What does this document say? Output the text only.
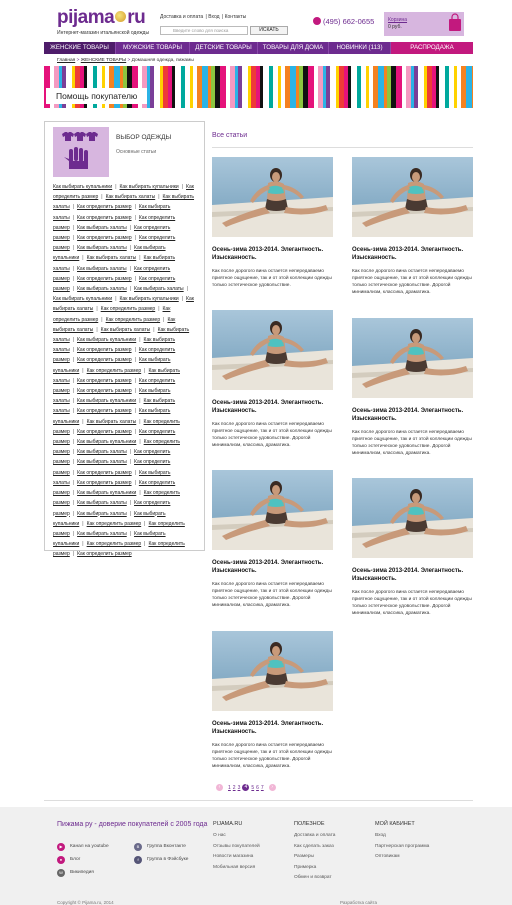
pijama ru
Интернет-магазин итальянской одежды
Доставка и оплата | Вход | Контакты
Введите слово для поиска	ИСКАТЬ
(495) 662-0655	Корзина
0 руб.
ЖЕНСКИЕ ТОВАРЫ	МУЖСКИЕ ТОВАРЫ	ДЕТСКИЕ ТОВАРЫ	ТОВАРЫ ДЛЯ ДОМА	НОВИНКИ (113)	РАСПРОДАЖА
Главная > ЖЕНСКИЕ ТОВАРЫ > Домашняя одежда, пижамы
Помощь покупателю
ВЫБОР ОДЕЖДЫ
Основные статьи
Как выбирать купальники | Как выбирать купальники | Как определить размер | Как выбирать халаты | Как выбирать халаты | Как определить размер | Как выбирать халаты | Как определить размер | Как определить размер | Как выбирать халаты | Как определить размер | Как определить размер | Как определить размер | Как выбирать халаты | Как выбирать купальники | Как выбирать халаты | Как выбирать халаты | Как выбирать халаты | Как определить размер | Как определить размер | Как определить размер | Как выбирать халаты | Как выбирать халаты |Как выбирать купальники | Как выбирать купальники | Как выбирать халаты | Как определить размер | Как определить размер | Как определить размер | Как выбирать халаты | Как выбирать халаты | Как выбирать халаты | Как выбирать купальники | Как выбирать халаты | Как определить размер | Как определить размер | Как определить размер | Как выбирать купальники | Как определить размер | Как выбирать халаты | Как определить размер | Как определить размер | Как определить размер | Как выбирать халаты | Как выбирать купальники | Как выбирать халаты | Как определить размер | Как выбирать купальники | Как выбирать халаты | Как определить размер | Как определить размер | Как определить размер | Как выбирать купальники | Как определить размер | Как выбирать халаты | Как определить размер | Как выбирать халаты | Как определить размер | Как определить размер | Как выбирать халаты | Как определить размер | Как определить размер | Как выбирать купальники | Как определить размер | Как выбирать халаты | Как определить размер | Как выбирать халаты | Как выбирать купальники | Как определить размер | Как определить размер | Как выбирать халаты | Как выбирать купальники | Как определить размер | Как определить размер | Как определить размер
Все статьи
Осень-зима 2013-2014. Элегантность. Изысканность.
Как после дорогого вина остается непередаваемо приятное ощущение, так и от этой коллекции одежды только эстетическое удовольствие.
Осень-зима 2013-2014. Элегантность. Изысканность.
Как после дорогого вина остается непередаваемо приятное ощущение, так и от этой коллекции одежды только эстетическое удовольствие. Дорогой минимализм, классика, драматика.
Осень-зима 2013-2014. Элегантность. Изысканность.
Как после дорогого вина остается непередаваемо приятное ощущение, так и от этой коллекции одежды только эстетическое удовольствие. Дорогой минимализм, классика, драматика.
Осень-зима 2013-2014. Элегантность. Изысканность.
Как после дорогого вина остается непередаваемо приятное ощущение, так и от этой коллекции одежды только эстетическое удовольствие. Дорогой минимализм, классика, драматика.
Осень-зима 2013-2014. Элегантность. Изысканность.
Как после дорогого вина остается непередаваемо приятное ощущение, так и от этой коллекции одежды только эстетическое удовольствие. Дорогой минимализм, классика, драматика.
Осень-зима 2013-2014. Элегантность. Изысканность.
Как после дорогого вина остается непередаваемо приятное ощущение, так и от этой коллекции одежды только эстетическое удовольствие. Дорогой минимализм, классика, драматика.
Осень-зима 2013-2014. Элегантность. Изысканность.
Как после дорогого вина остается непередаваемо приятное ощущение, так и от этой коллекции одежды только эстетическое удовольствие. Дорогой минимализм, классика, драматика.
‹	1 2 3 4 5 6 7	›
Пижама ру - доверие покупателей с 2005 года
▶	Канал на youtube	В	Группа Вконтакте
●	Блог	f	Группа в Фэйсбуке
W	Википедия
PIJAMA.RU
О нас
Отзывы покупателей
Новости магазина
Мобильная версия
ПОЛЕЗНОЕ
Доставка и оплата
Как сделать заказ
Размеры
Примерка
Обмен и возврат
МОЙ КАБИНЕТ
Вход
Партнерская программа
Оптовикам
Copyright © Pijama.ru, 2014	Разработка сайта
